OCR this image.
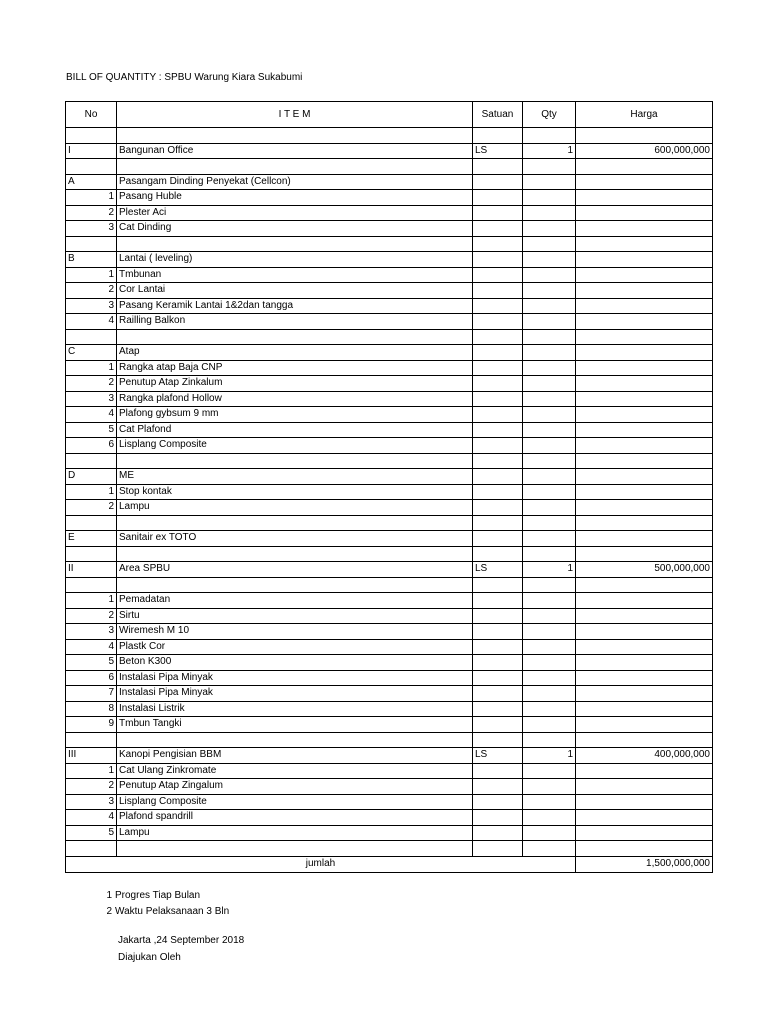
BILL OF QUANTITY : SPBU Warung Kiara Sukabumi
No	I T E M	Satuan	Qty	Harga

I	Bangunan Office	LS	1	600,000,000

A	Pasangam Dinding Penyekat (Cellcon)			
1	Pasang Huble			
2	Plester Aci			
3	Cat Dinding			

B	Lantai ( leveling)			
1	Tmbunan			
2	Cor Lantai			
3	Pasang Keramik Lantai 1&2dan tangga			
4	Railling Balkon			

C	Atap			
1	Rangka atap Baja CNP			
2	Penutup Atap Zinkalum			
3	Rangka plafond Hollow			
4	Plafong gybsum 9 mm			
5	Cat Plafond			
6	Lisplang Composite			

D	ME			
1	Stop kontak			
2	Lampu			

E	Sanitair ex TOTO			

II	Area SPBU	LS	1	500,000,000

1	Pemadatan			
2	Sirtu			
3	Wiremesh M 10			
4	Plastk Cor			
5	Beton K300			
6	Instalasi Pipa Minyak			
7	Instalasi Pipa Minyak			
8	Instalasi Listrik			
9	Tmbun Tangki			

III	Kanopi Pengisian BBM	LS	1	400,000,000
1	Cat Ulang Zinkromate			
2	Penutup Atap Zingalum			
3	Lisplang Composite			
4	Plafond spandrill			
5	Lampu			

jumlah				1,500,000,000
1 Progres Tiap Bulan
2 Waktu Pelaksanaan 3 Bln
Jakarta ,24 September 2018
Diajukan Oleh
